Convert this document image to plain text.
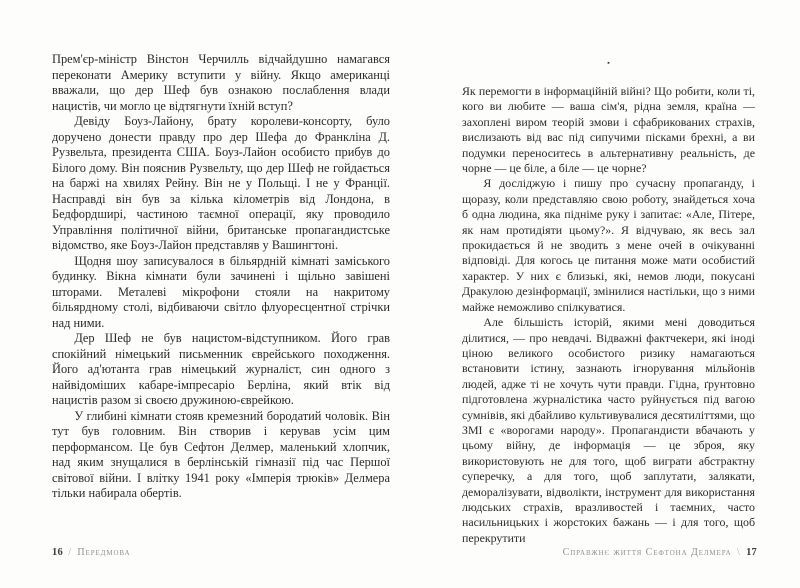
Прем'єр-міністр Вінстон Черчилль відчайдушно намагався переконати Америку вступити у війну. Якщо американці вважали, що дер Шеф був ознакою послаблення влади нацистів, чи могло це відтягнути їхній вступ?

Девіду Боуз-Лайону, брату королеви-консорту, було доручено донести правду про дер Шефа до Франкліна Д. Рузвельта, президента США. Боуз-Лайон особисто прибув до Білого дому. Він пояснив Рузвельту, що дер Шеф не гойдається на баржі на хвилях Рейну. Він не у Польщі. І не у Франції. Насправді він був за кілька кілометрів від Лондона, в Бедфордширі, частиною таємної операції, яку проводило Управління політичної війни, британське пропагандистське відомство, яке Боуз-Лайон представляв у Вашингтоні.

Щодня шоу записувалося в більярдній кімнаті заміського будинку. Вікна кімнати були зачинені і щільно завішені шторами. Металеві мікрофони стояли на накритому більярдному столі, відбиваючи світло флуоресцентної стрічки над ними.

Дер Шеф не був нацистом-відступником. Його грав спокійний німецький письменник єврейського походження. Його ад'ютанта грав німецький журналіст, син одного з найвідоміших кабаре-імпресаріо Берліна, який втік від нацистів разом зі своєю дружиною-єврейкою.

У глибині кімнати стояв кремезний бородатий чоловік. Він тут був головним. Він створив і керував усім цим перформансом. Це був Сефтон Делмер, маленький хлопчик, над яким знущалися в берлінській гімназії під час Першої світової війни. І влітку 1941 року «Імперія трюків» Делмера тільки набирала обертів.

▪

Як перемогти в інформаційній війні? Що робити, коли ті, кого ви любите — ваша сім'я, рідна земля, країна — захоплені виром теорій змови і сфабрикованих страхів, вислизають від вас під сипучими пісками брехні, а ви подумки переноситесь в альтернативну реальність, де чорне — це біле, а біле — це чорне?

Я досліджую і пишу про сучасну пропаганду, і щоразу, коли представляю свою роботу, знайдеться хоча б одна людина, яка підніме руку і запитає: «Але, Пітере, як нам протидіяти цьому?». Я відчуваю, як весь зал прокидається й не зводить з мене очей в очікуванні відповіді. Для когось це питання може мати особистий характер. У них є близькі, які, немов люди, покусані Дракулою дезінформації, змінилися настільки, що з ними майже неможливо спілкуватися.

Але більшість історій, якими мені доводиться ділитися, — про невдачі. Відважні фактчекери, які іноді ціною великого особистого ризику намагаються встановити істину, зазнають ігнорування мільйонів людей, адже ті не хочуть чути правди. Гідна, ґрунтовно підготовлена журналістика часто руйнується під вагою сумнівів, які дбайливо культивувалися десятиліттями, що ЗМІ є «ворогами народу». Пропагандисти вбачають у цьому війну, де інформація — це зброя, яку використовують не для того, щоб виграти абстрактну суперечку, а для того, щоб заплутати, залякати, деморалізувати, відволікти, інструмент для використання людських страхів, вразливостей і таємних, часто насильницьких і жорстоких бажань — і для того, щоб перекрутити

16 / Передмова	Справжнє життя Сефтона Делмера \ 17
